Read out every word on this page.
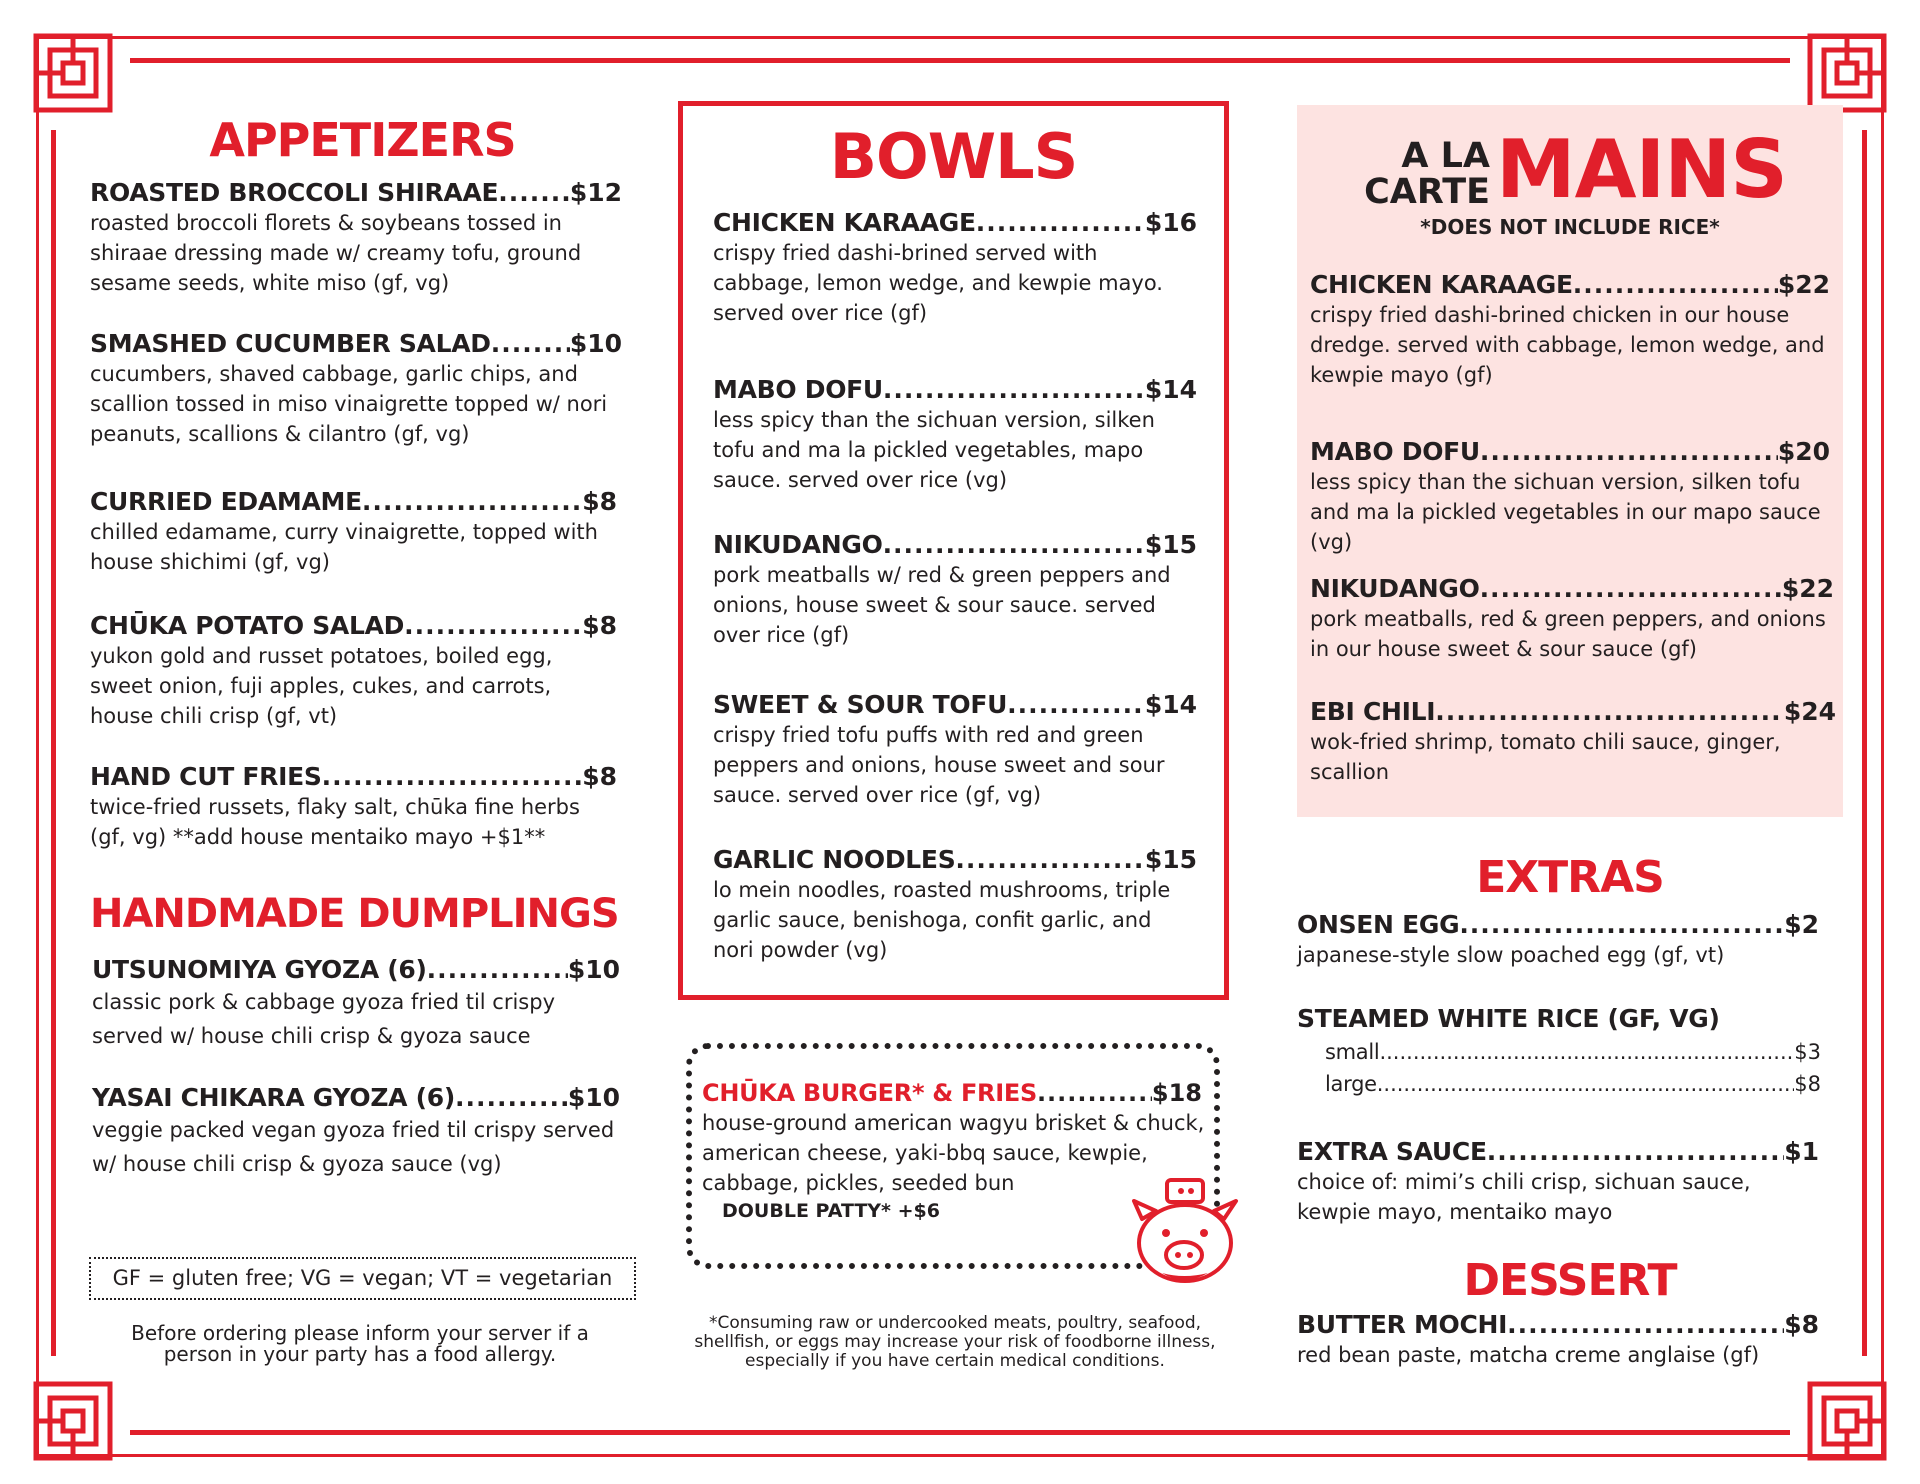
APPETIZERS
ROASTED BROCCOLI SHIRAAE .....	$12
roasted broccoli florets & soybeans tossed in shiraae dressing made w/ creamy tofu, ground sesame seeds, white miso (gf, vg)
SMASHED CUCUMBER SALAD .....	$10
cucumbers, shaved cabbage, garlic chips, and scallion tossed in miso vinaigrette topped w/ nori peanuts, scallions & cilantro (gf, vg)
CURRIED EDAMAME .....	$8
chilled edamame, curry vinaigrette, topped with house shichimi (gf, vg)
CHŪKA POTATO SALAD .....	$8
yukon gold and russet potatoes, boiled egg, sweet onion, fuji apples, cukes, and carrots, house chili crisp (gf, vt)
HAND CUT FRIES .....	$8
twice-fried russets, flaky salt, chūka fine herbs (gf, vg) **add house mentaiko mayo +$1**
HANDMADE DUMPLINGS
UTSUNOMIYA GYOZA (6) .....	$10
classic pork & cabbage gyoza fried til crispy served w/ house chili crisp & gyoza sauce
YASAI CHIKARA GYOZA (6) .....	$10
veggie packed vegan gyoza fried til crispy served w/ house chili crisp & gyoza sauce (vg)
GF = gluten free; VG = vegan; VT = vegetarian
Before ordering please inform your server if a person in your party has a food allergy.
BOWLS
CHICKEN KARAAGE .....	$16
crispy fried dashi-brined served with cabbage, lemon wedge, and kewpie mayo. served over rice (gf)
MABO DOFU .....	$14
less spicy than the sichuan version, silken tofu and ma la pickled vegetables, mapo sauce. served over rice (vg)
NIKUDANGO .....	$15
pork meatballs w/ red & green peppers and onions, house sweet & sour sauce. served over rice (gf)
SWEET & SOUR TOFU .....	$14
crispy fried tofu puffs with red and green peppers and onions, house sweet and sour sauce. served over rice (gf, vg)
GARLIC NOODLES .....	$15
lo mein noodles, roasted mushrooms, triple garlic sauce, benishoga, confit garlic, and nori powder (vg)
CHŪKA BURGER* & FRIES .....	$18
house-ground american wagyu brisket & chuck, american cheese, yaki-bbq sauce, kewpie, cabbage, pickles, seeded bun
DOUBLE PATTY* +$6
*Consuming raw or undercooked meats, poultry, seafood, shellfish, or eggs may increase your risk of foodborne illness, especially if you have certain medical conditions.
A LA
CARTE MAINS
*DOES NOT INCLUDE RICE*
CHICKEN KARAAGE .....	$22
crispy fried dashi-brined chicken in our house dredge. served with cabbage, lemon wedge, and kewpie mayo (gf)
MABO DOFU .....	$20
less spicy than the sichuan version, silken tofu and ma la pickled vegetables in our mapo sauce (vg)
NIKUDANGO .....	$22
pork meatballs, red & green peppers, and onions in our house sweet & sour sauce (gf)
EBI CHILI .....	$24
wok-fried shrimp, tomato chili sauce, ginger, scallion
EXTRAS
ONSEN EGG .....	$2
japanese-style slow poached egg (gf, vt)
STEAMED WHITE RICE (GF, VG)
small .....	$3
large .....	$8
EXTRA SAUCE .....	$1
choice of: mimi’s chili crisp, sichuan sauce, kewpie mayo, mentaiko mayo
DESSERT
BUTTER MOCHI .....	$8
red bean paste, matcha creme anglaise (gf)
